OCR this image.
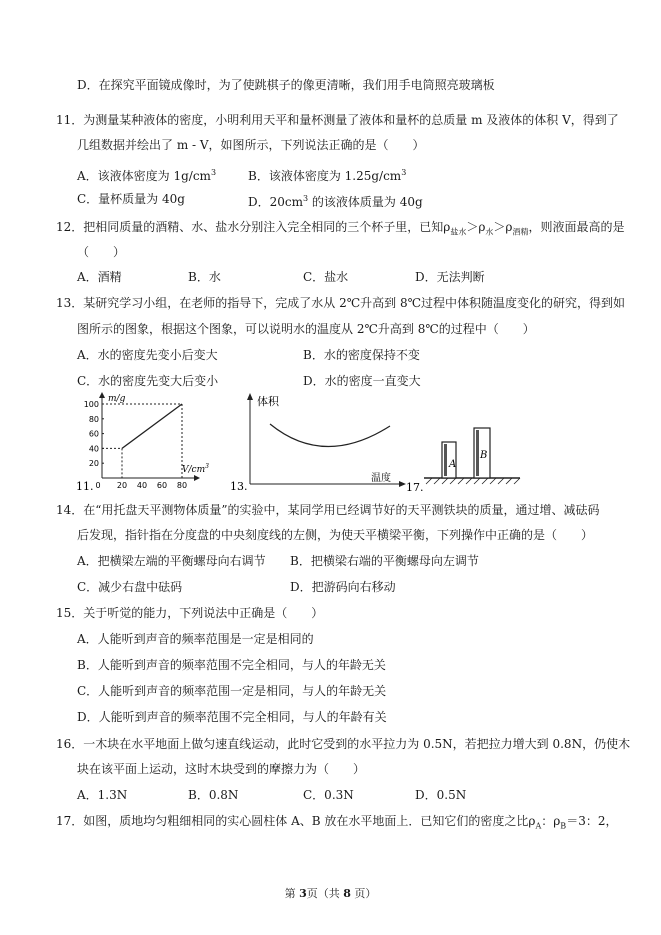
D．在探究平面镜成像时，为了使跳棋子的像更清晰，我们用手电筒照亮玻璃板
11．为测量某种液体的密度，小明利用天平和量杯测量了液体和量杯的总质量 m 及液体的体积 V，得到了
几组数据并绘出了 m - V，如图所示，下列说法正确的是（　　）
A．该液体密度为 $1g/cm^3$	B．该液体密度为 $1.25g/cm^3$
C．量杯质量为 40g	D．$20cm^3$ 的该液体质量为 40g
12．把相同质量的酒精、水、盐水分别注入完全相同的三个杯子里，已知$\rho_{盐水}>\rho_水>\rho_{酒精}$，则液面最高的是
（　　）
A．酒精	B．水	C．盐水	D．无法判断
13．某研究学习小组，在老师的指导下，完成了水从 2℃升高到 8℃过程中体积随温度变化的研究，得到如
图所示的图象，根据这个图象，可以说明水的温度从 2℃升高到 8℃的过程中（　　）
A．水的密度先变小后变大	B．水的密度保持不变
C．水的密度先变大后变小	D．水的密度一直变大
11.
m/g
$V/cm^3$
100
80
60
40
20
0 20 40 60 80	13.
体积
温度
17.
A
B
14．在“用托盘天平测物体质量”的实验中，某同学用已经调节好的天平测铁块的质量，通过增、减砝码
后发现，指针指在分度盘的中央刻度线的左侧，为使天平横梁平衡，下列操作中正确的是（　　）
A．把横梁左端的平衡螺母向右调节 B．把横梁右端的平衡螺母向左调节
C．减少右盘中砝码	D．把游码向右移动
15．关于听觉的能力，下列说法中正确是（　　）
A．人能听到声音的频率范围是一定是相同的
B．人能听到声音的频率范围不完全相同，与人的年龄无关
C．人能听到声音的频率范围一定是相同，与人的年龄无关
D．人能听到声音的频率范围不完全相同，与人的年龄有关
16．一木块在水平地面上做匀速直线运动，此时它受到的水平拉力为 0.5N，若把拉力增大到 0.8N，仍使木
块在该平面上运动，这时木块受到的摩擦力为（　　）
A．1.3N	B．0.8N	C．0.3N	D．0.5N
17．如图，质地均匀粗细相同的实心圆柱体 A、B 放在水平地面上．已知它们的密度之比$\rho_A$：$\rho_B=3$：2，
第 3页（共 8 页）
